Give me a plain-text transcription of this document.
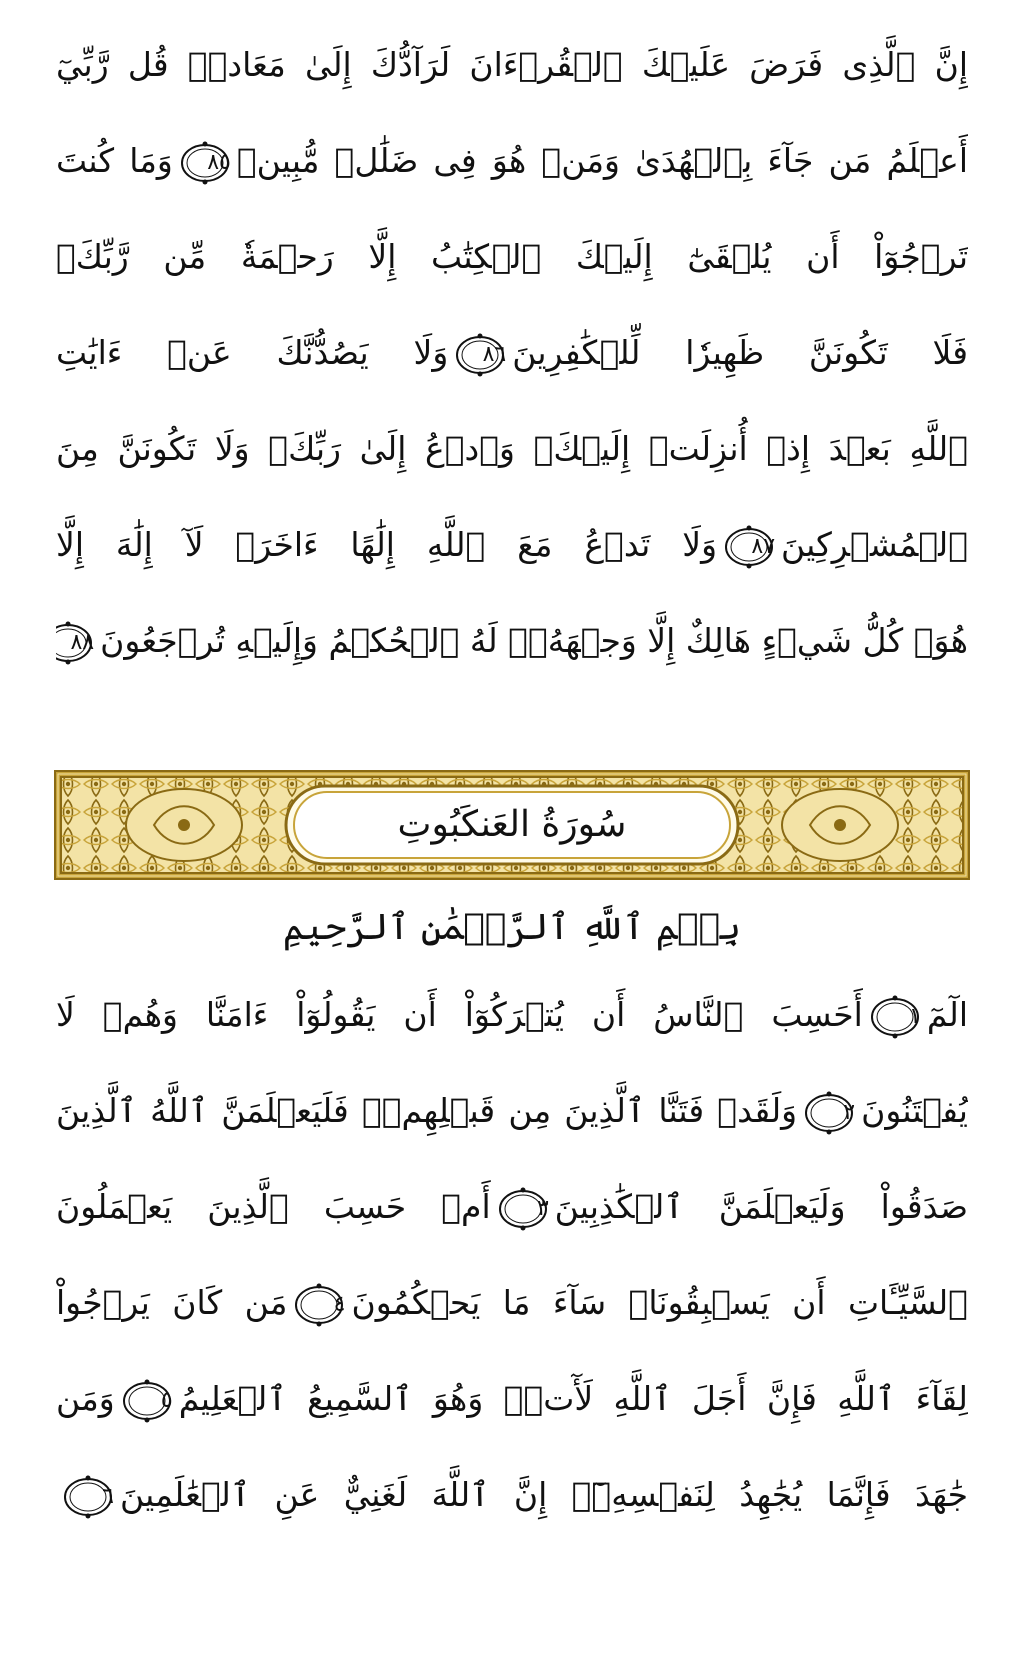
إِنَّ ٱلَّذِى فَرَضَ عَلَيۡكَ ٱلۡقُرۡءَانَ لَرَآدُّكَ إِلَىٰ مَعَادٖۚ قُل رَّبِّيٓ
أَعۡلَمُ مَن جَآءَ بِٱلۡهُدَىٰ وَمَنۡ هُوَ فِى ضَلَٰلٖ مُّبِينٖ
٨٥
وَمَا كُنتَ
تَرۡجُوٓاْ أَن يُلۡقَىٰٓ إِلَيۡكَ ٱلۡكِتَٰبُ إِلَّا رَحۡمَةٗ مِّن رَّبِّكَۖ
فَلَا تَكُونَنَّ ظَهِيرٗا لِّلۡكَٰفِرِينَ
٨٦
وَلَا يَصُدُّنَّكَ عَنۡ ءَايَٰتِ
ٱللَّهِ بَعۡدَ إِذۡ أُنزِلَتۡ إِلَيۡكَۖ وَٱدۡعُ إِلَىٰ رَبِّكَۖ وَلَا تَكُونَنَّ مِنَ
ٱلۡمُشۡرِكِينَ
٨٧
وَلَا تَدۡعُ مَعَ ٱللَّهِ إِلَٰهًا ءَاخَرَۘ لَآ إِلَٰهَ إِلَّا
هُوَۚ كُلُّ شَيۡءٍ هَالِكٌ إِلَّا وَجۡهَهُۥۚ لَهُ ٱلۡحُكۡمُ وَإِلَيۡهِ تُرۡجَعُونَ
٨٨
سُورَةُ العَنكَبُوتِ
بِسۡمِ ٱللَّهِ ٱلرَّحۡمَٰنِ ٱلرَّحِيمِ
الٓمٓ
١
أَحَسِبَ ٱلنَّاسُ أَن يُتۡرَكُوٓاْ أَن يَقُولُوٓاْ ءَامَنَّا وَهُمۡ لَا
يُفۡتَنُونَ
٢
وَلَقَدۡ فَتَنَّا ٱلَّذِينَ مِن قَبۡلِهِمۡۖ فَلَيَعۡلَمَنَّ ٱللَّهُ ٱلَّذِينَ
صَدَقُواْ وَلَيَعۡلَمَنَّ ٱلۡكَٰذِبِينَ
٣
أَمۡ حَسِبَ ٱلَّذِينَ يَعۡمَلُونَ
ٱلسَّيِّـَٔاتِ أَن يَسۡبِقُونَاۚ سَآءَ مَا يَحۡكُمُونَ
٤
مَن كَانَ يَرۡجُواْ
لِقَآءَ ٱللَّهِ فَإِنَّ أَجَلَ ٱللَّهِ لَأٓتٖۚ وَهُوَ ٱلسَّمِيعُ ٱلۡعَلِيمُ
٥
وَمَن
جَٰهَدَ فَإِنَّمَا يُجَٰهِدُ لِنَفۡسِهِۦٓۚ إِنَّ ٱللَّهَ لَغَنِيٌّ عَنِ ٱلۡعَٰلَمِينَ
٦
